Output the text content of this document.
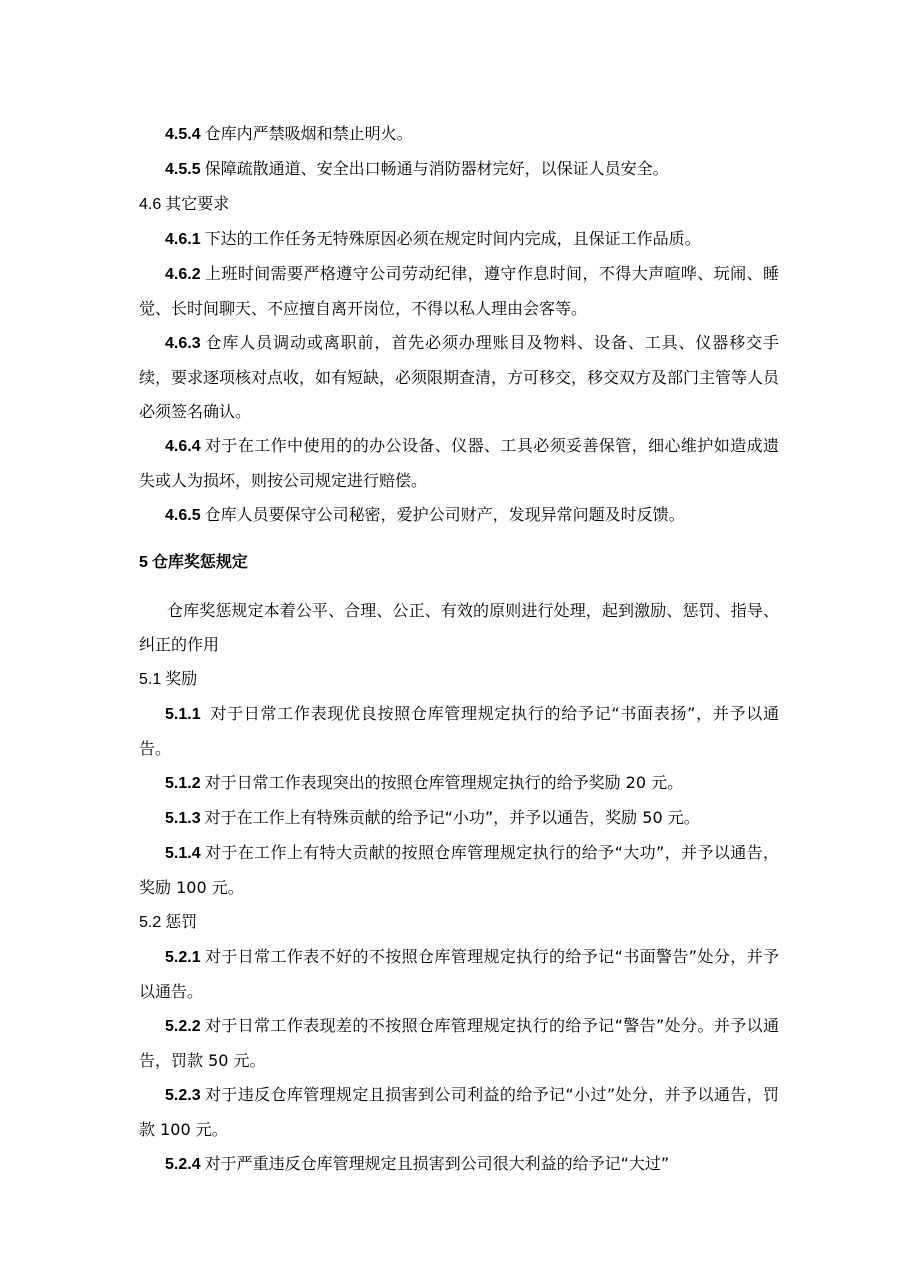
4.5.4 仓库内严禁吸烟和禁止明火。

4.5.5 保障疏散通道、安全出口畅通与消防器材完好，以保证人员安全。

4.6 其它要求

4.6.1 下达的工作任务无特殊原因必须在规定时间内完成，且保证工作品质。

4.6.2 上班时间需要严格遵守公司劳动纪律，遵守作息时间，不得大声喧哗、玩闹、睡觉、长时间聊天、不应擅自离开岗位，不得以私人理由会客等。

4.6.3 仓库人员调动或离职前，首先必须办理账目及物料、设备、工具、仪器移交手续，要求逐项核对点收，如有短缺，必须限期查清，方可移交，移交双方及部门主管等人员必须签名确认。

4.6.4 对于在工作中使用的的办公设备、仪器、工具必须妥善保管，细心维护如造成遗失或人为损坏，则按公司规定进行赔偿。

4.6.5 仓库人员要保守公司秘密，爱护公司财产，发现异常问题及时反馈。

5 仓库奖惩规定

仓库奖惩规定本着公平、合理、公正、有效的原则进行处理，起到激励、惩罚、指导、纠正的作用

5.1 奖励

5.1.1 对于日常工作表现优良按照仓库管理规定执行的给予记“书面表扬”，并予以通告。

5.1.2 对于日常工作表现突出的按照仓库管理规定执行的给予奖励 20 元。

5.1.3 对于在工作上有特殊贡献的给予记“小功”，并予以通告，奖励 50 元。

5.1.4 对于在工作上有特大贡献的按照仓库管理规定执行的给予“大功”，并予以通告，奖励 100 元。

5.2 惩罚

5.2.1 对于日常工作表不好的不按照仓库管理规定执行的给予记“书面警告”处分，并予以通告。

5.2.2 对于日常工作表现差的不按照仓库管理规定执行的给予记“警告”处分。并予以通告，罚款 50 元。

5.2.3 对于违反仓库管理规定且损害到公司利益的给予记“小过”处分，并予以通告，罚款 100 元。

5.2.4 对于严重违反仓库管理规定且损害到公司很大利益的给予记“大过”
